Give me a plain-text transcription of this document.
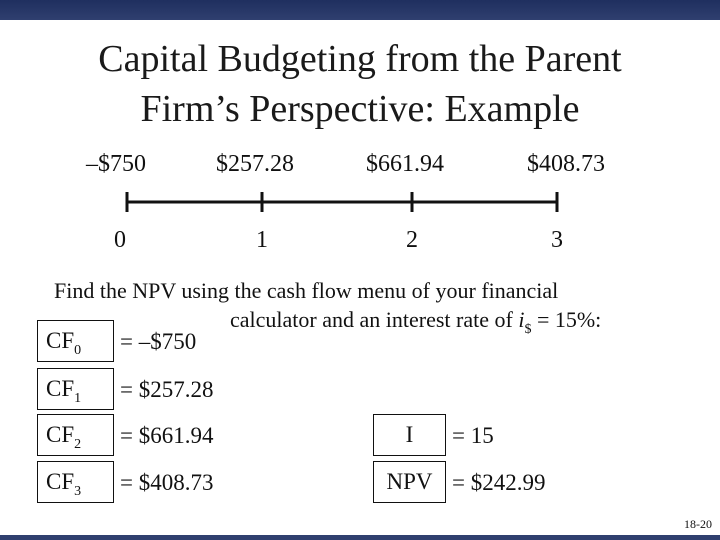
Capital Budgeting from the Parent
Firm’s Perspective: Example
–$750	$257.28	$661.94	$408.73
0	1	2	3
Find the NPV using the cash flow menu of your financial
calculator and an interest rate of $i_{\$} = 15\%$:
$CF_0$	= –$750
$CF_1$	= $257.28
$CF_2$	= $661.94
$CF_3$	= $408.73
I	= 15
NPV = $242.99
18-20
